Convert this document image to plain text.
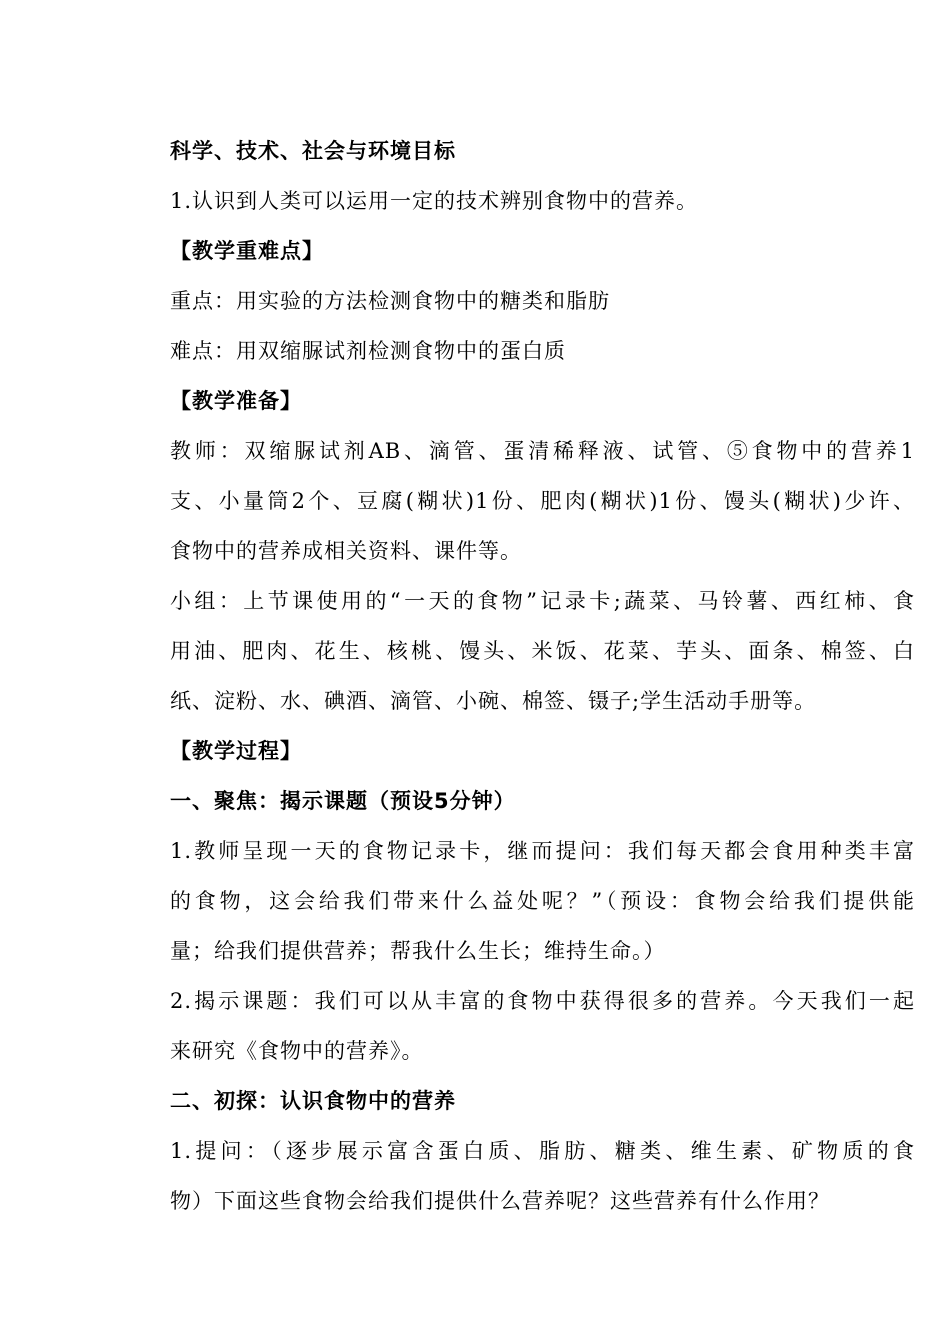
科学、技术、社会与环境目标
1.认识到人类可以运用一定的技术辨别食物中的营养。
【教学重难点】
重点：用实验的方法检测食物中的糖类和脂肪
难点：用双缩脲试剂检测食物中的蛋白质
【教学准备】
教师：双缩脲试剂AB、滴管、蛋清稀释液、试管、⑤食物中的营养1
支、小量筒2个、豆腐(糊状)1份、肥肉(糊状)1份、馒头(糊状)少许、
食物中的营养成相关资料、课件等。
小组：上节课使用的“一天的食物”记录卡;蔬菜、马铃薯、西红柿、食
用油、肥肉、花生、核桃、馒头、米饭、花菜、芋头、面条、棉签、白
纸、淀粉、水、碘酒、滴管、小碗、棉签、镊子;学生活动手册等。
【教学过程】
一、聚焦：揭示课题（预设5分钟）
1.教师呈现一天的食物记录卡，继而提问：我们每天都会食用种类丰富
的食物，这会给我们带来什么益处呢？”（预设：食物会给我们提供能
量；给我们提供营养；帮我什么生长；维持生命。）
2.揭示课题：我们可以从丰富的食物中获得很多的营养。今天我们一起
来研究《食物中的营养》。
二、初探：认识食物中的营养
1.提问：（逐步展示富含蛋白质、脂肪、糖类、维生素、矿物质的食
物）下面这些食物会给我们提供什么营养呢？这些营养有什么作用？
